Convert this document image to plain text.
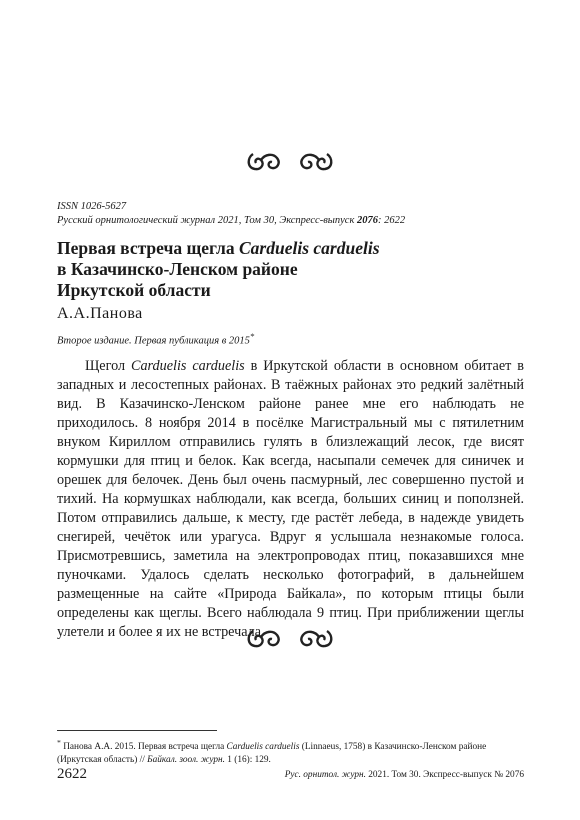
ISSN 1026-5627
Русский орнитологический журнал 2021, Том 30, Экспресс-выпуск 2076: 2622
Первая встреча щегла Carduelis carduelis
в Казачинско-Ленском районе
Иркутской области
А.А.Панова
Второе издание. Первая публикация в 2015*

Щегол Carduelis carduelis в Иркутской области в основном обитает в западных и лесостепных районах. В таёжных районах это редкий залётный вид. В Казачинско-Ленском районе ранее мне его наблюдать не приходилось. 8 ноября 2014 в посёлке Магистральный мы с пятилетним внуком Кириллом отправились гулять в близлежащий лесок, где висят кормушки для птиц и белок. Как всегда, насыпали семечек для синичек и орешек для белочек. День был очень пасмурный, лес совершенно пустой и тихий. На кормушках наблюдали, как всегда, больших синиц и поползней. Потом отправились дальше, к месту, где растёт лебеда, в надежде увидеть снегирей, чечёток или урагуса. Вдруг я услышала незнакомые голоса. Присмотревшись, заметила на электропроводах птиц, показавшихся мне пуночками. Удалось сделать несколько фотографий, в дальнейшем размещенные на сайте «Природа Байкала», по которым птицы были определены как щеглы. Всего наблюдала 9 птиц. При приближении щеглы улетели и более я их не встречала.

* Панова А.А. 2015. Первая встреча щегла Carduelis carduelis (Linnaeus, 1758) в Казачинско-Ленском районе (Иркутская область) // Байкал. зоол. журн. 1 (16): 129.
2622	Рус. орнитол. журн. 2021. Том 30. Экспресс-выпуск № 2076
